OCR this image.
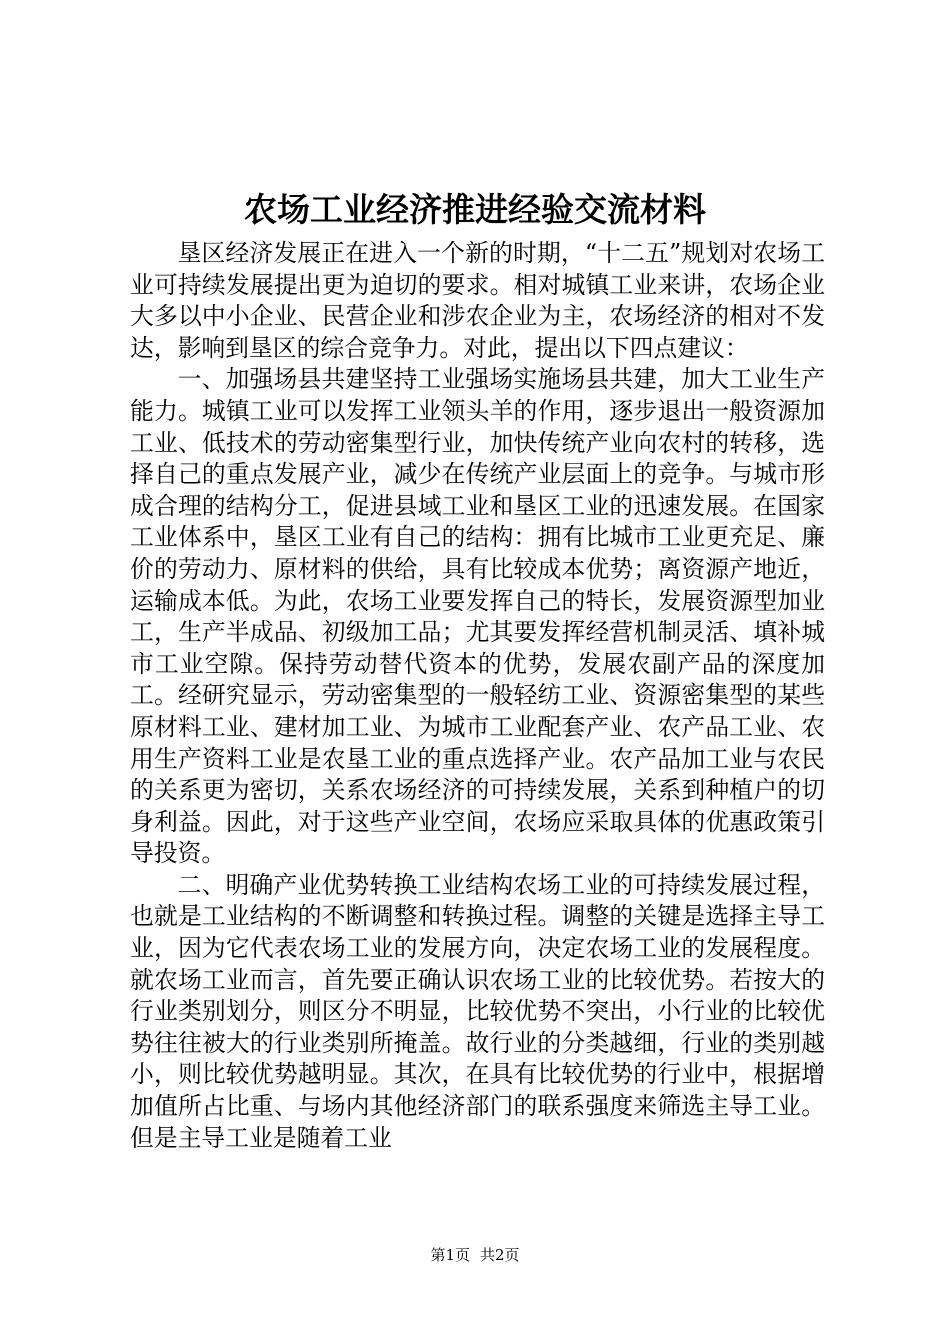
农场工业经济推进经验交流材料

垦区经济发展正在进入一个新的时期，“十二五”规划对农场工业可持续发展提出更为迫切的要求。相对城镇工业来讲，农场企业大多以中小企业、民营企业和涉农企业为主，农场经济的相对不发达，影响到垦区的综合竞争力。对此，提出以下四点建议：

一、加强场县共建坚持工业强场实施场县共建，加大工业生产能力。城镇工业可以发挥工业领头羊的作用，逐步退出一般资源加工业、低技术的劳动密集型行业，加快传统产业向农村的转移，选择自己的重点发展产业，减少在传统产业层面上的竞争。与城市形成合理的结构分工，促进县域工业和垦区工业的迅速发展。在国家工业体系中，垦区工业有自己的结构：拥有比城市工业更充足、廉价的劳动力、原材料的供给，具有比较成本优势；离资源产地近，运输成本低。为此，农场工业要发挥自己的特长，发展资源型加业工，生产半成品、初级加工品；尤其要发挥经营机制灵活、填补城市工业空隙。保持劳动替代资本的优势，发展农副产品的深度加工。经研究显示，劳动密集型的一般轻纺工业、资源密集型的某些原材料工业、建材加工业、为城市工业配套产业、农产品工业、农用生产资料工业是农垦工业的重点选择产业。农产品加工业与农民的关系更为密切，关系农场经济的可持续发展，关系到种植户的切身利益。因此，对于这些产业空间，农场应采取具体的优惠政策引导投资。

二、明确产业优势转换工业结构农场工业的可持续发展过程，也就是工业结构的不断调整和转换过程。调整的关键是选择主导工业，因为它代表农场工业的发展方向，决定农场工业的发展程度。就农场工业而言，首先要正确认识农场工业的比较优势。若按大的行业类别划分，则区分不明显，比较优势不突出，小行业的比较优势往往被大的行业类别所掩盖。故行业的分类越细，行业的类别越小，则比较优势越明显。其次，在具有比较优势的行业中，根据增加值所占比重、与场内其他经济部门的联系强度来筛选主导工业。但是主导工业是随着工业

第1页 共2页
